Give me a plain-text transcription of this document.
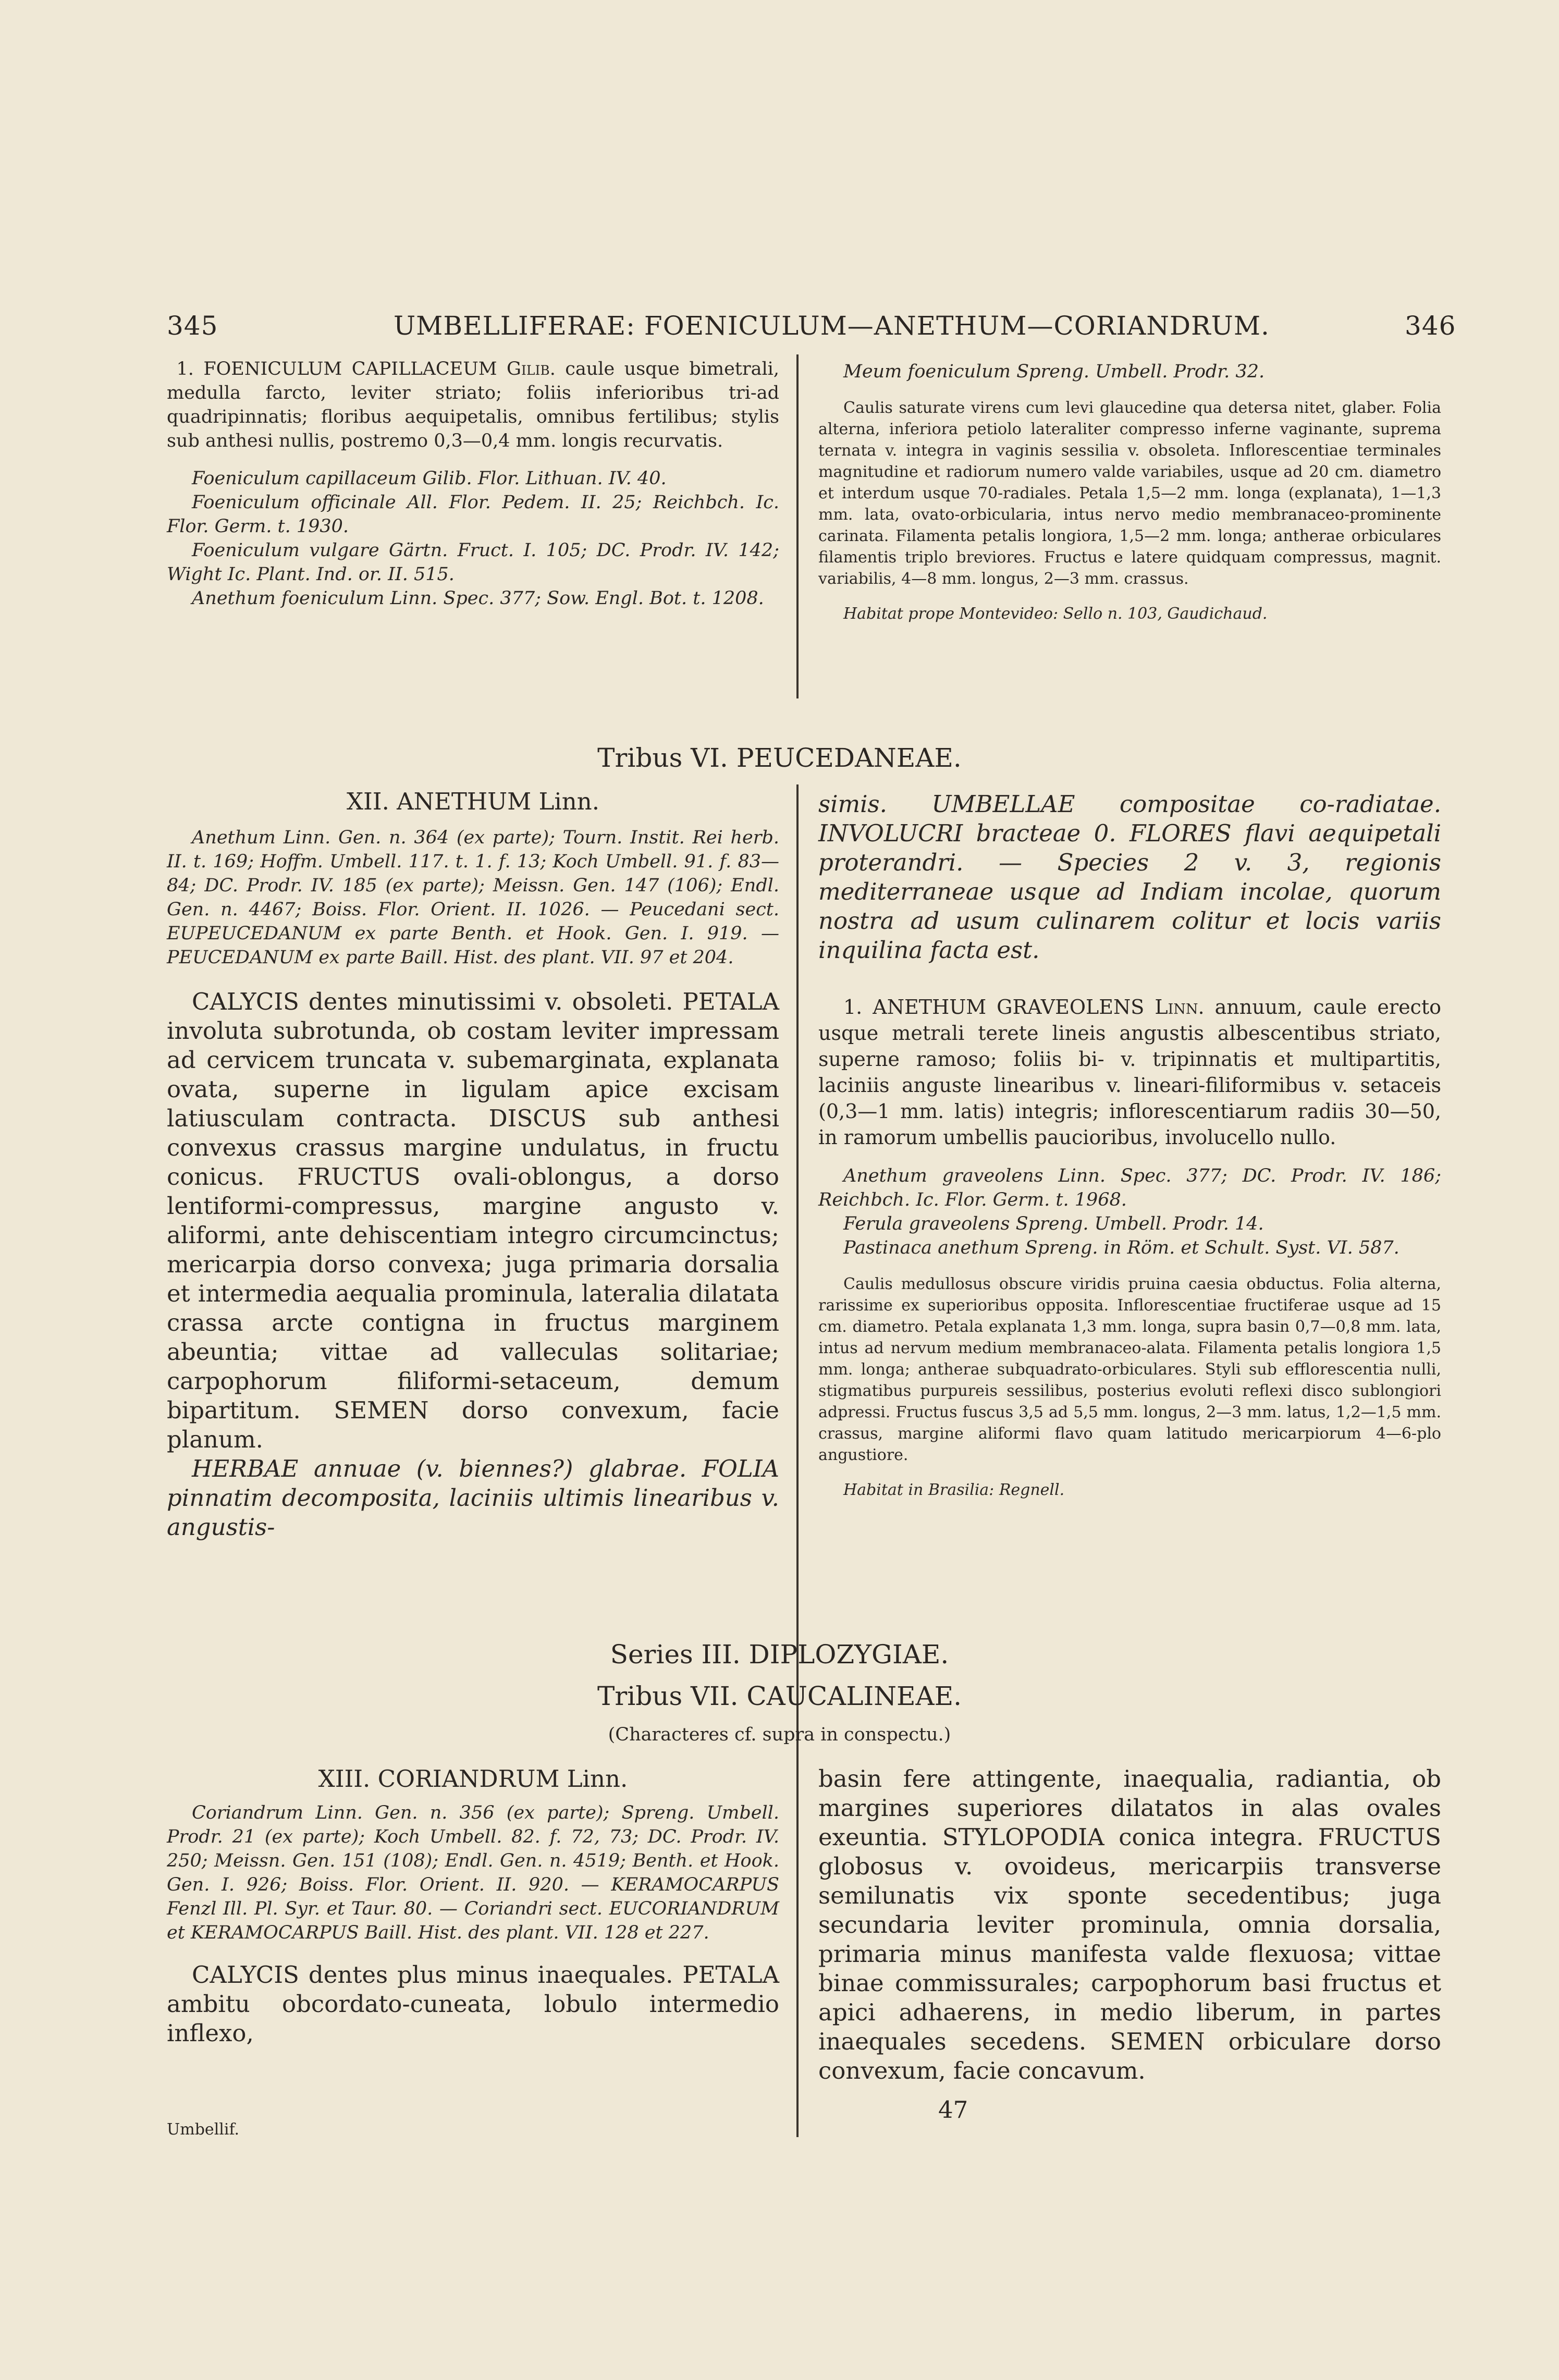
345	UMBELLIFERAE: FOENICULUM—ANETHUM—CORIANDRUM.	346

1. FOENICULUM CAPILLACEUM Gilib. caule usque bimetrali, medulla farcto, leviter striato; foliis inferioribus tri-ad quadripinnatis; floribus aequipetalis, omnibus fertilibus; stylis sub anthesi nullis, postremo 0,3—0,4 mm. longis recurvatis.

Foeniculum capillaceum Gilib. Flor. Lithuan. IV. 40.

Foeniculum officinale All. Flor. Pedem. II. 25; Reichbch. Ic. Flor. Germ. t. 1930.

Foeniculum vulgare Gärtn. Fruct. I. 105; DC. Prodr. IV. 142; Wight Ic. Plant. Ind. or. II. 515.

Anethum foeniculum Linn. Spec. 377; Sow. Engl. Bot. t. 1208.

Meum foeniculum Spreng. Umbell. Prodr. 32.

Caulis saturate virens cum levi glaucedine qua detersa nitet, glaber. Folia alterna, inferiora petiolo lateraliter compresso inferne vaginante, suprema ternata v. integra in vaginis sessilia v. obsoleta. Inflorescentiae terminales magnitudine et radiorum numero valde variabiles, usque ad 20 cm. diametro et interdum usque 70-radiales. Petala 1,5—2 mm. longa (explanata), 1—1,3 mm. lata, ovato-orbicularia, intus nervo medio membranaceo-prominente carinata. Filamenta petalis longiora, 1,5—2 mm. longa; antherae orbiculares filamentis triplo breviores. Fructus e latere quidquam compressus, magnit. variabilis, 4—8 mm. longus, 2—3 mm. crassus.

Habitat prope Montevideo: Sello n. 103, Gaudichaud.

Tribus VI. PEUCEDANEAE.
XII. ANETHUM Linn.

Anethum Linn. Gen. n. 364 (ex parte); Tourn. Instit. Rei herb. II. t. 169; Hoffm. Umbell. 117. t. 1. f. 13; Koch Umbell. 91. f. 83—84; DC. Prodr. IV. 185 (ex parte); Meissn. Gen. 147 (106); Endl. Gen. n. 4467; Boiss. Flor. Orient. II. 1026. — Peucedani sect. EUPEUCEDANUM ex parte Benth. et Hook. Gen. I. 919. — PEUCEDANUM ex parte Baill. Hist. des plant. VII. 97 et 204.

CALYCIS dentes minutissimi v. obsoleti. PETALA involuta subrotunda, ob costam leviter impressam ad cervicem truncata v. subemarginata, explanata ovata, superne in ligulam apice excisam latiusculam contracta. DISCUS sub anthesi convexus crassus margine undulatus, in fructu conicus. FRUCTUS ovali-oblongus, a dorso lentiformi-compressus, margine angusto v. aliformi, ante dehiscentiam integro circumcinctus; mericarpia dorso convexa; juga primaria dorsalia et intermedia aequalia prominula, lateralia dilatata crassa arcte contigna in fructus marginem abeuntia; vittae ad valleculas solitariae; carpophorum filiformi-setaceum, demum bipartitum. SEMEN dorso convexum, facie planum.

HERBAE annuae (v. biennes?) glabrae. FOLIA pinnatim decomposita, laciniis ultimis linearibus v. angustis-

simis. UMBELLAE compositae co-radiatae. INVOLUCRI bracteae 0. FLORES flavi aequipetali proterandri. — Species 2 v. 3, regionis mediterraneae usque ad Indiam incolae, quorum nostra ad usum culinarem colitur et locis variis inquilina facta est.

1. ANETHUM GRAVEOLENS Linn. annuum, caule erecto usque metrali terete lineis angustis albescentibus striato, superne ramoso; foliis bi- v. tripinnatis et multipartitis, laciniis anguste linearibus v. lineari-filiformibus v. setaceis (0,3—1 mm. latis) integris; inflorescentiarum radiis 30—50, in ramorum umbellis paucioribus, involucello nullo.

Anethum graveolens Linn. Spec. 377; DC. Prodr. IV. 186; Reichbch. Ic. Flor. Germ. t. 1968.

Ferula graveolens Spreng. Umbell. Prodr. 14.

Pastinaca anethum Spreng. in Röm. et Schult. Syst. VI. 587.

Caulis medullosus obscure viridis pruina caesia obductus. Folia alterna, rarissime ex superioribus opposita. Inflorescentiae fructiferae usque ad 15 cm. diametro. Petala explanata 1,3 mm. longa, supra basin 0,7—0,8 mm. lata, intus ad nervum medium membranaceo-alata. Filamenta petalis longiora 1,5 mm. longa; antherae subquadrato-orbiculares. Styli sub efflorescentia nulli, stigmatibus purpureis sessilibus, posterius evoluti reflexi disco sublongiori adpressi. Fructus fuscus 3,5 ad 5,5 mm. longus, 2—3 mm. latus, 1,2—1,5 mm. crassus, margine aliformi flavo quam latitudo mericarpiorum 4—6-plo angustiore.

Habitat in Brasilia: Regnell.

Series III. DIPLOZYGIAE.
Tribus VII. CAUCALINEAE.
(Characteres cf. supra in conspectu.)
XIII. CORIANDRUM Linn.

Coriandrum Linn. Gen. n. 356 (ex parte); Spreng. Umbell. Prodr. 21 (ex parte); Koch Umbell. 82. f. 72, 73; DC. Prodr. IV. 250; Meissn. Gen. 151 (108); Endl. Gen. n. 4519; Benth. et Hook. Gen. I. 926; Boiss. Flor. Orient. II. 920. — KERAMOCARPUS Fenzl Ill. Pl. Syr. et Taur. 80. — Coriandri sect. EUCORIANDRUM et KERAMOCARPUS Baill. Hist. des plant. VII. 128 et 227.

CALYCIS dentes plus minus inaequales. PETALA ambitu obcordato-cuneata, lobulo intermedio inflexo,

basin fere attingente, inaequalia, radiantia, ob margines superiores dilatatos in alas ovales exeuntia. STYLOPODIA conica integra. FRUCTUS globosus v. ovoideus, mericarpiis transverse semilunatis vix sponte secedentibus; juga secundaria leviter prominula, omnia dorsalia, primaria minus manifesta valde flexuosa; vittae binae commissurales; carpophorum basi fructus et apici adhaerens, in medio liberum, in partes inaequales secedens. SEMEN orbiculare dorso convexum, facie concavum.

Umbellif.
47
